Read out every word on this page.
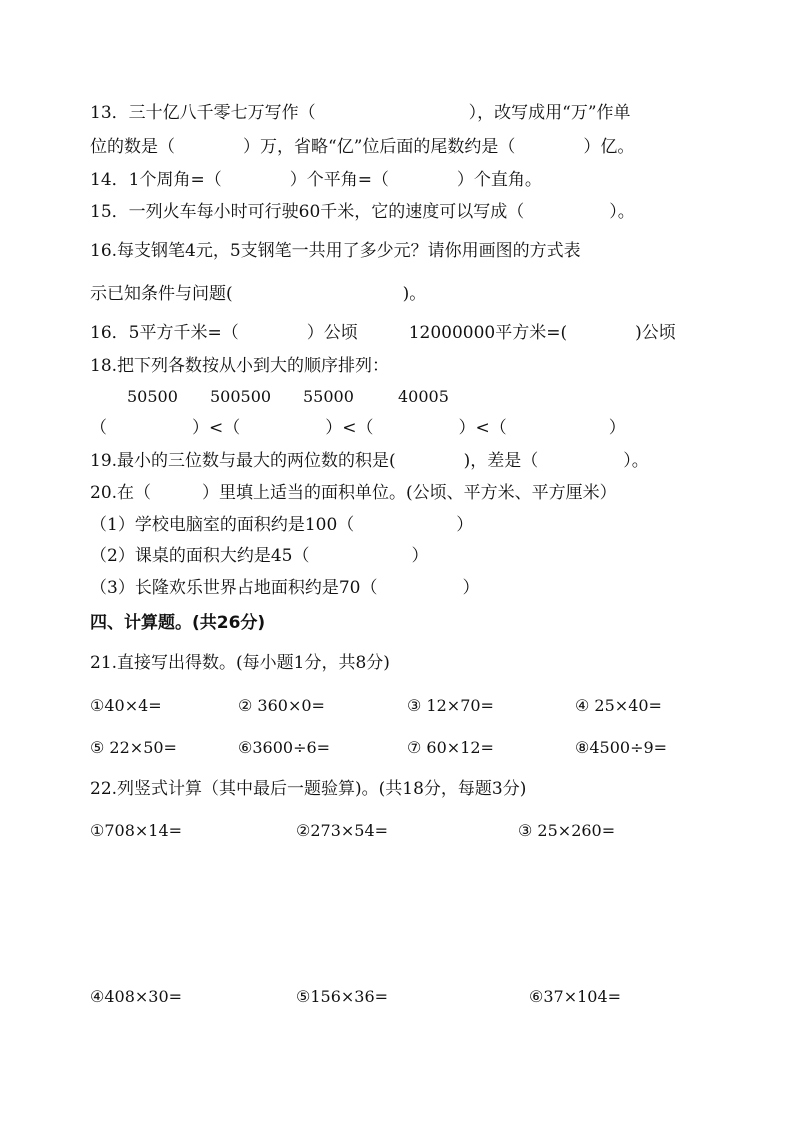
13．三十亿八千零七万写作（　　　　　　　　　），改写成用“万”作单
位的数是（　　　　）万，省略“亿”位后面的尾数约是（　　　　）亿。
14．1个周角=（　　　　）个平角=（　　　　）个直角。
15．一列火车每小时可行驶60千米，它的速度可以写成（　　　　　）。
16.每支钢笔4元，5支钢笔一共用了多少元？请你用画图的方式表
示已知条件与问题(　　　　　　　　　　)。
16．5平方千米=（　　　　）公顷　　　12000000平方米=(　　　　)公顷
18.把下列各数按从小到大的顺序排列：
50500 500500 55000	40005
（　　　　　）<（　　　　　）<（　　　　　）<（　　　　　　）
19.最小的三位数与最大的两位数的积是(　　　　)，差是（　　　　　）。
20.在（　　　）里填上适当的面积单位。(公顷、平方米、平方厘米）
（1）学校电脑室的面积约是100（　　　　　　）
（2）课桌的面积大约是45（　　　　　　）
（3）长隆欢乐世界占地面积约是70（　　　　　）
四、计算题。(共26分)
21.直接写出得数。(每小题1分，共8分)
①40×4=	② 360×0=	③ 12×70=	④ 25×40=
⑤ 22×50=	⑥3600÷6=	⑦ 60×12=	⑧4500÷9=
22.列竖式计算（其中最后一题验算)。(共18分，每题3分)
①708×14=	②273×54=	③ 25×260=
④408×30=	⑤156×36=	⑥37×104=
